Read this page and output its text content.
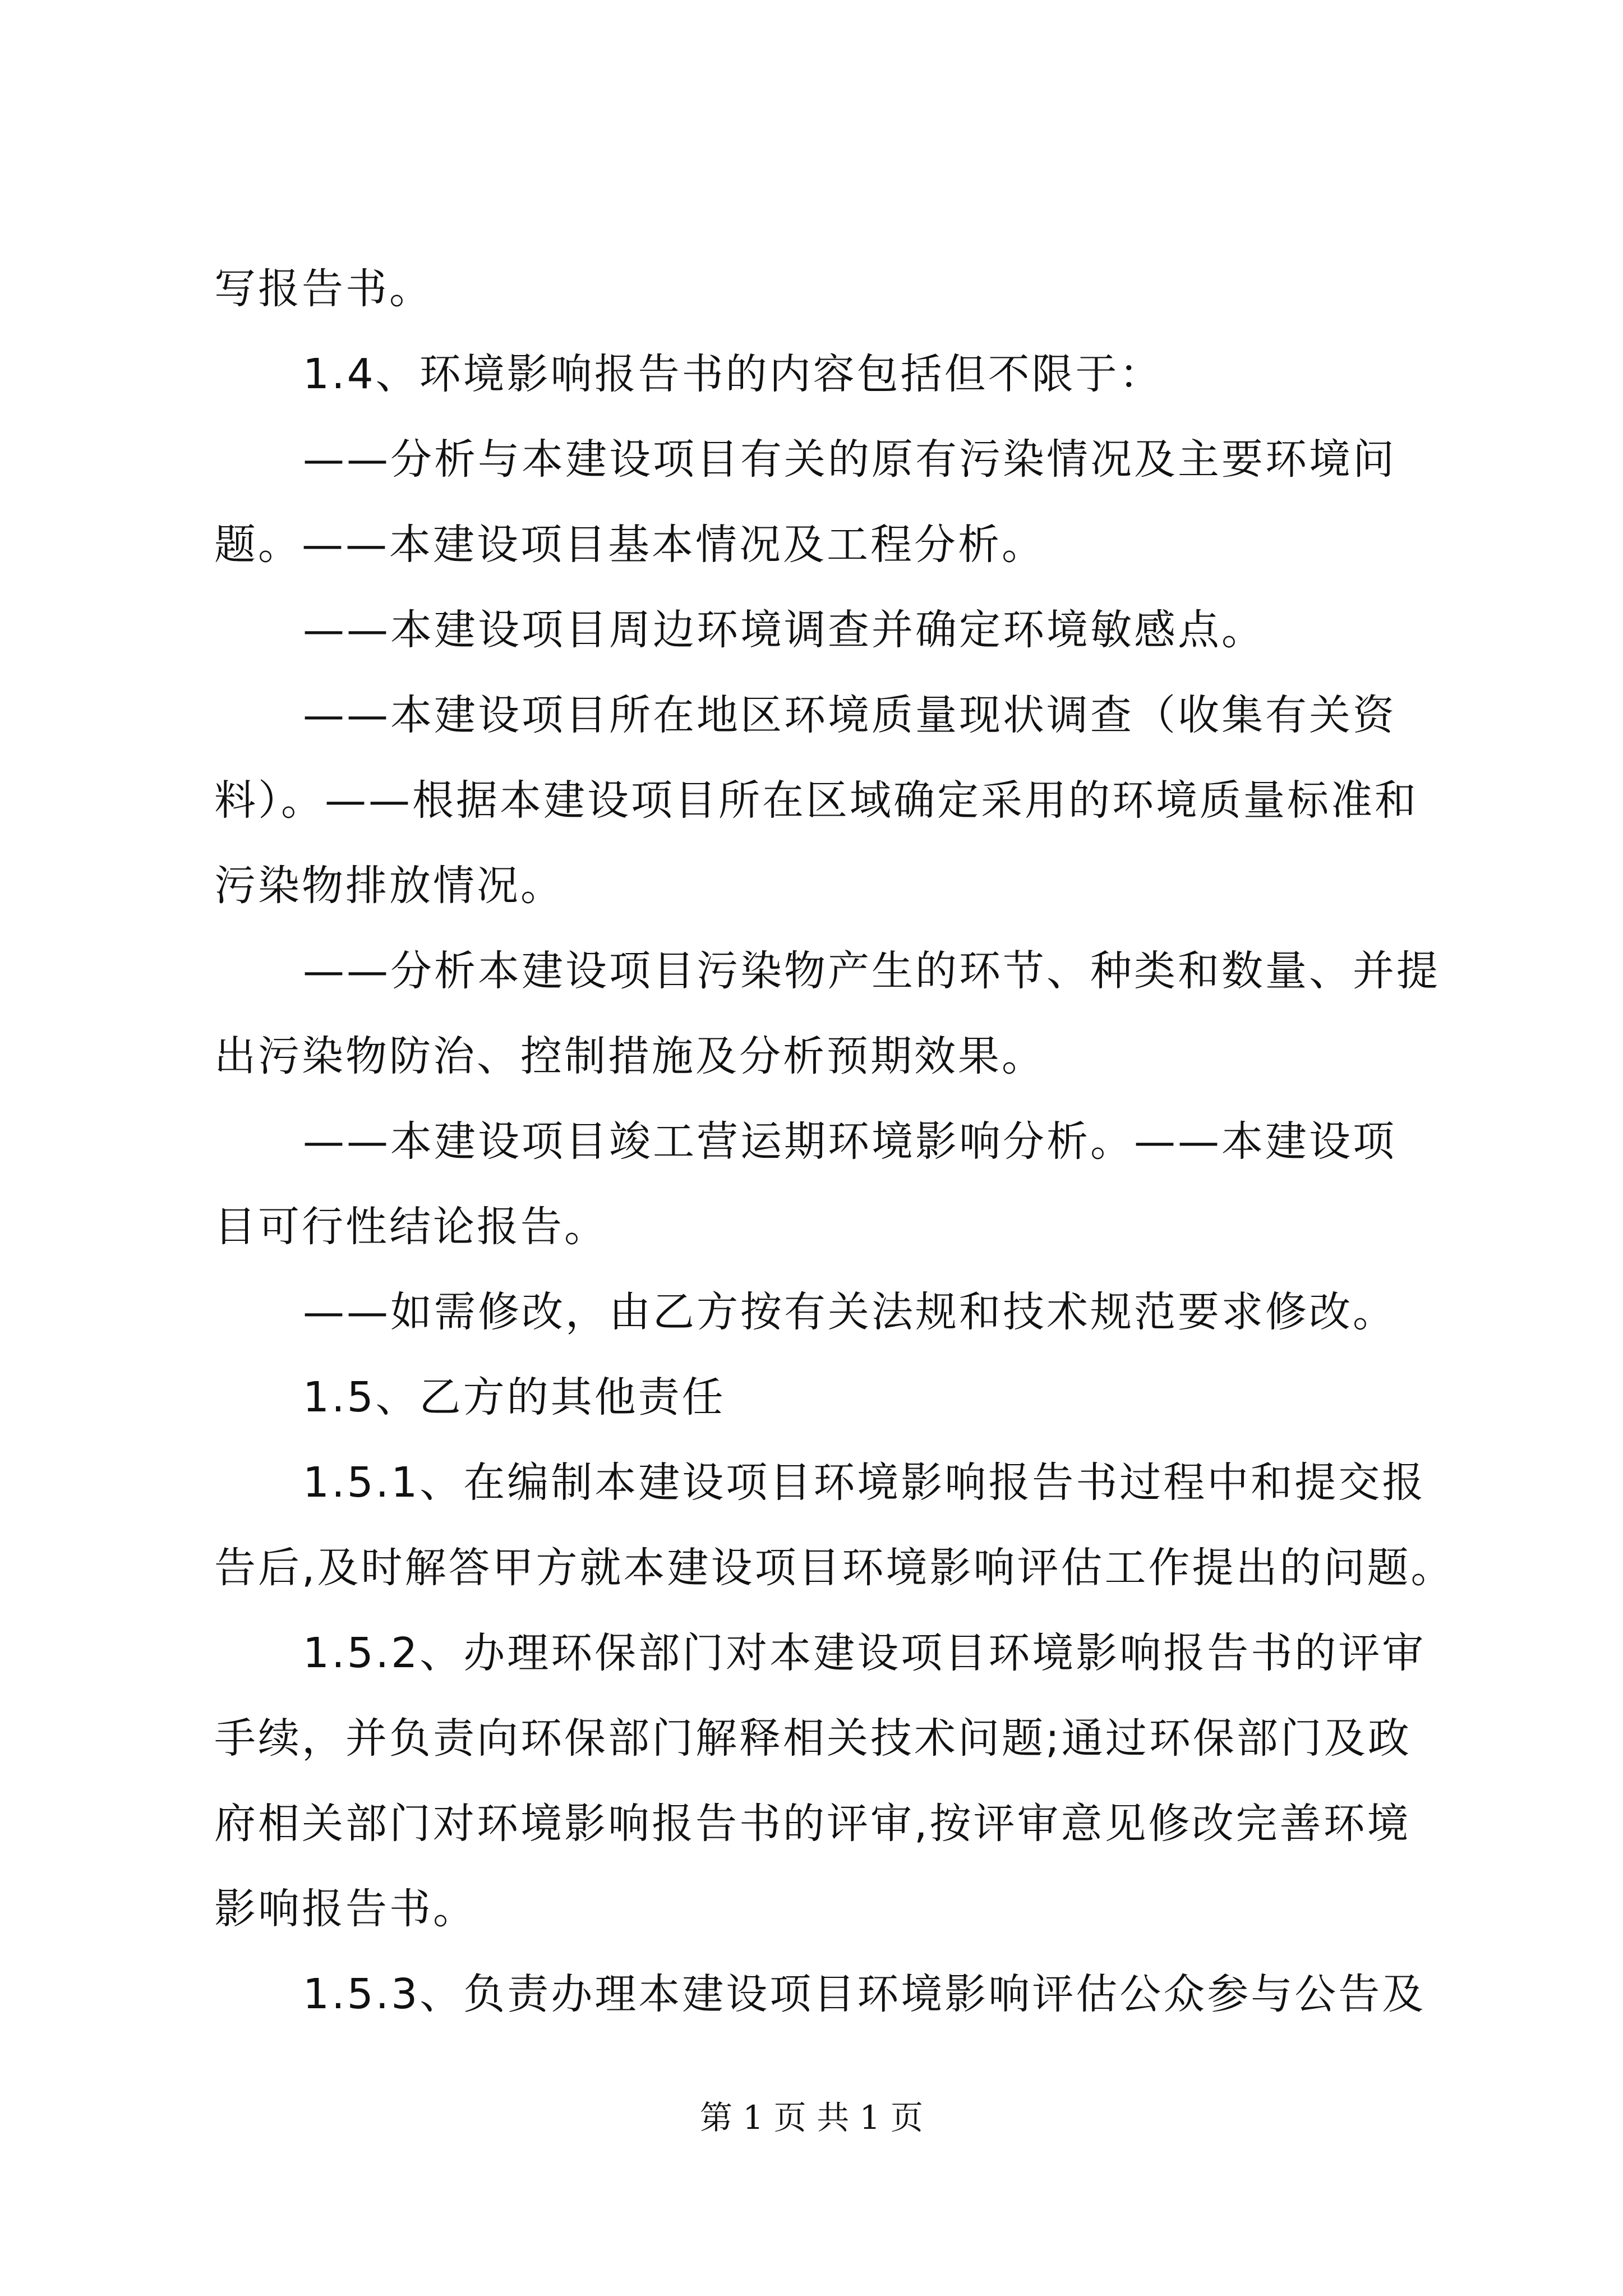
写报告书。
1.4、环境影响报告书的内容包括但不限于：
——分析与本建设项目有关的原有污染情况及主要环境问
题。——本建设项目基本情况及工程分析。
——本建设项目周边环境调查并确定环境敏感点。
——本建设项目所在地区环境质量现状调查（收集有关资
料）。——根据本建设项目所在区域确定采用的环境质量标准和
污染物排放情况。
——分析本建设项目污染物产生的环节、种类和数量、并提
出污染物防治、控制措施及分析预期效果。
——本建设项目竣工营运期环境影响分析。——本建设项
目可行性结论报告。
——如需修改，由乙方按有关法规和技术规范要求修改。
1.5、乙方的其他责任
1.5.1、在编制本建设项目环境影响报告书过程中和提交报
告后,及时解答甲方就本建设项目环境影响评估工作提出的问题。
1.5.2、办理环保部门对本建设项目环境影响报告书的评审
手续，并负责向环保部门解释相关技术问题;通过环保部门及政
府相关部门对环境影响报告书的评审,按评审意见修改完善环境
影响报告书。
1.5.3、负责办理本建设项目环境影响评估公众参与公告及
第 1 页 共 1 页
